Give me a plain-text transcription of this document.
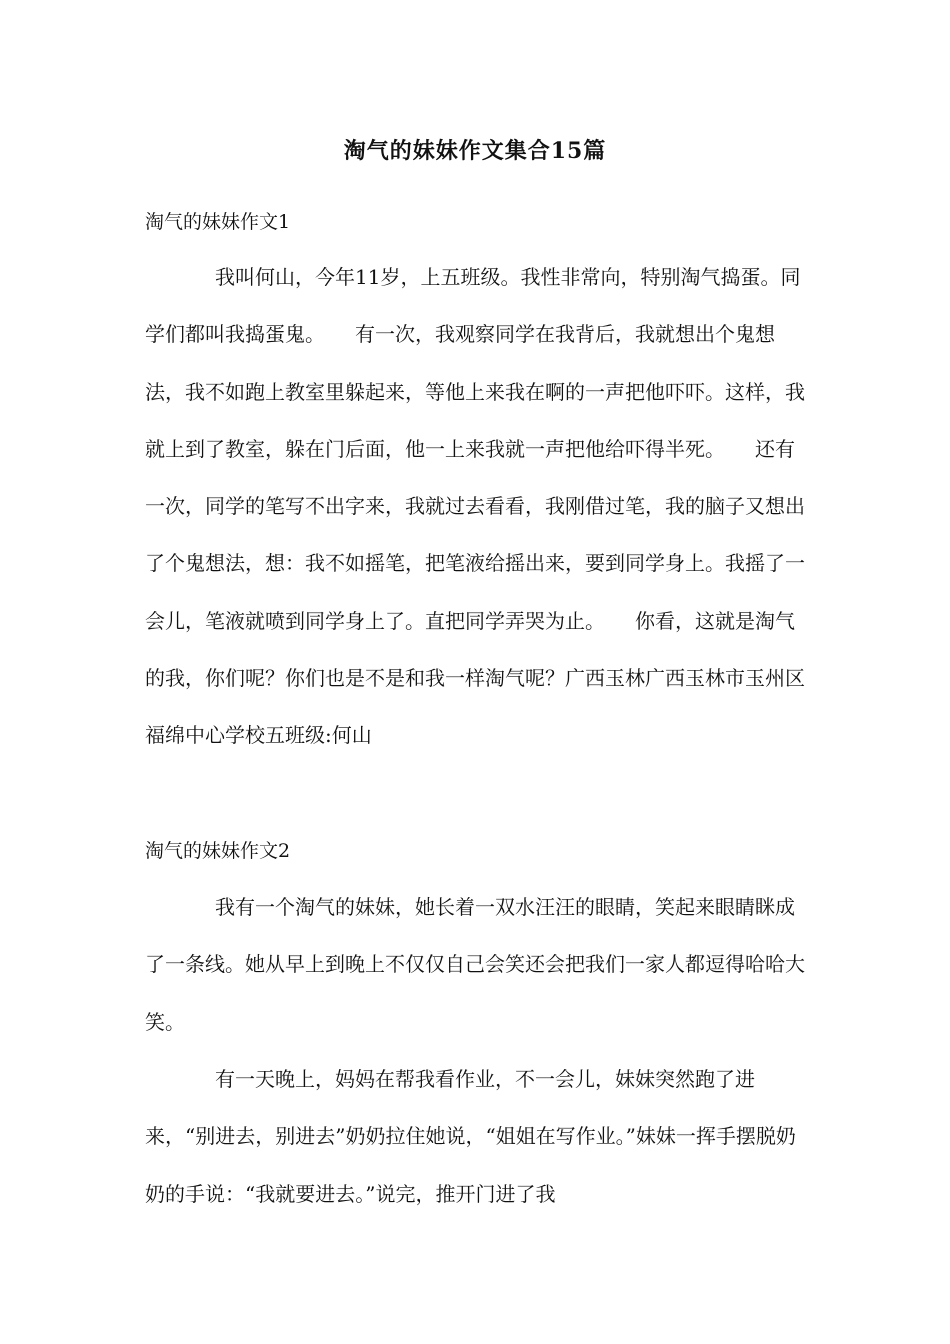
淘气的妹妹作文集合15篇
淘气的妹妹作文1

我叫何山，今年11岁，上五班级。我性非常向，特别淘气捣蛋。同学们都叫我捣蛋鬼。　　有一次，我观察同学在我背后，我就想出个鬼想法，我不如跑上教室里躲起来，等他上来我在啊的一声把他吓吓。这样，我就上到了教室，躲在门后面，他一上来我就一声把他给吓得半死。　　还有一次，同学的笔写不出字来，我就过去看看，我刚借过笔，我的脑子又想出了个鬼想法，想：我不如摇笔，把笔液给摇出来，要到同学身上。我摇了一会儿，笔液就喷到同学身上了。直把同学弄哭为止。　　你看，这就是淘气的我，你们呢？你们也是不是和我一样淘气呢？广西玉林广西玉林市玉州区福绵中心学校五班级:何山

淘气的妹妹作文2

我有一个淘气的妹妹，她长着一双水汪汪的眼睛，笑起来眼睛眯成了一条线。她从早上到晚上不仅仅自己会笑还会把我们一家人都逗得哈哈大笑。

有一天晚上，妈妈在帮我看作业，不一会儿，妹妹突然跑了进来，“别进去，别进去”奶奶拉住她说，“姐姐在写作业。”妹妹一挥手摆脱奶奶的手说：“我就要进去。”说完，推开门进了我
